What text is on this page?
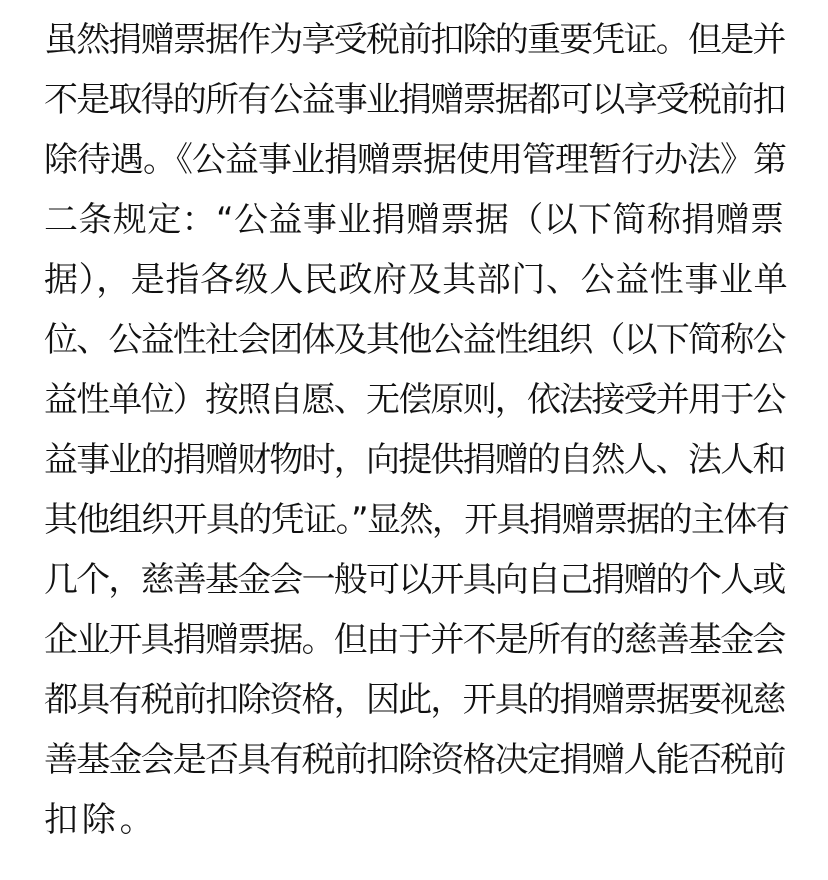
虽然捐赠票据作为享受税前扣除的重要凭证。但是并

不是取得的所有公益事业捐赠票据都可以享受税前扣

除待遇。《公益事业捐赠票据使用管理暂行办法》第

二条规定：“公益事业捐赠票据（以下简称捐赠票

据），是指各级人民政府及其部门、公益性事业单

位、公益性社会团体及其他公益性组织（以下简称公

益性单位）按照自愿、无偿原则，依法接受并用于公

益事业的捐赠财物时，向提供捐赠的自然人、法人和

其他组织开具的凭证。”显然，开具捐赠票据的主体有

几个，慈善基金会一般可以开具向自己捐赠的个人或

企业开具捐赠票据。但由于并不是所有的慈善基金会

都具有税前扣除资格，因此，开具的捐赠票据要视慈

善基金会是否具有税前扣除资格决定捐赠人能否税前

扣除。
